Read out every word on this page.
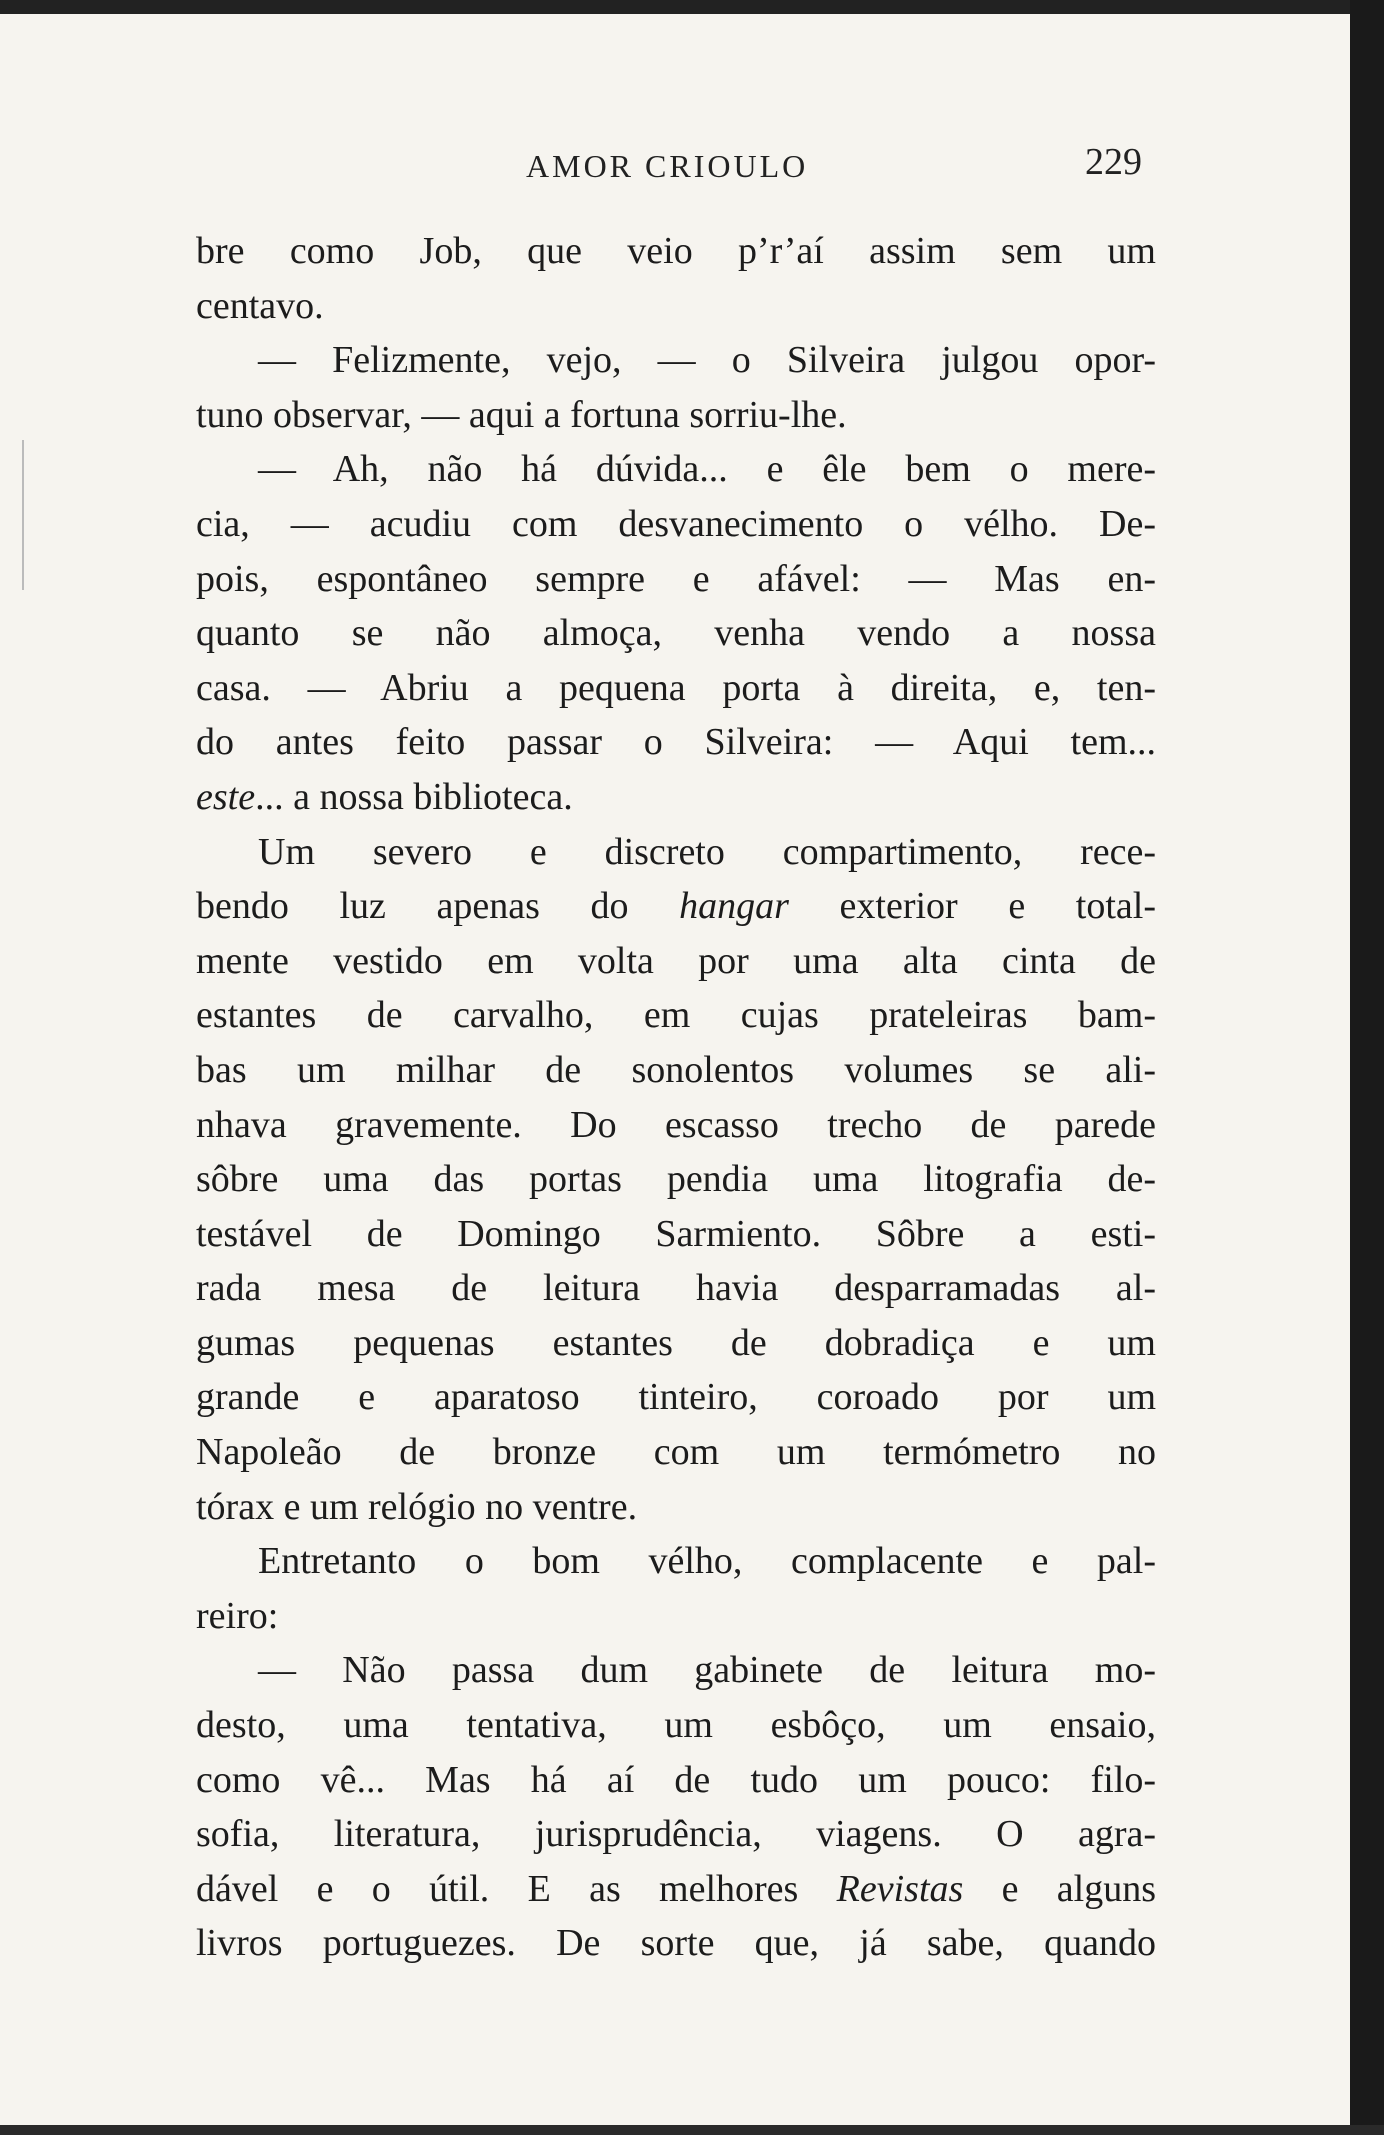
AMOR CRIOULO	229
bre como Job, que veio p’r’aí assim sem um
centavo.
— Felizmente, vejo, — o Silveira julgou opor-
tuno observar, — aqui a fortuna sorriu-lhe.
— Ah, não há dúvida... e êle bem o mere-
cia, — acudiu com desvanecimento o vélho. De-
pois, espontâneo sempre e afável: — Mas en-
quanto se não almoça, venha vendo a nossa
casa. — Abriu a pequena porta à direita, e, ten-
do antes feito passar o Silveira: — Aqui tem...
este... a nossa biblioteca.
Um severo e discreto compartimento, rece-
bendo luz apenas do hangar exterior e total-
mente vestido em volta por uma alta cinta de
estantes de carvalho, em cujas prateleiras bam-
bas um milhar de sonolentos volumes se ali-
nhava gravemente. Do escasso trecho de parede
sôbre uma das portas pendia uma litografia de-
testável de Domingo Sarmiento. Sôbre a esti-
rada mesa de leitura havia desparramadas al-
gumas pequenas estantes de dobradiça e um
grande e aparatoso tinteiro, coroado por um
Napoleão de bronze com um termómetro no
tórax e um relógio no ventre.
Entretanto o bom vélho, complacente e pal-
reiro:
— Não passa dum gabinete de leitura mo-
desto, uma tentativa, um esbôço, um ensaio,
como vê... Mas há aí de tudo um pouco: filo-
sofia, literatura, jurisprudência, viagens. O agra-
dável e o útil. E as melhores Revistas e alguns
livros portuguezes. De sorte que, já sabe, quando
